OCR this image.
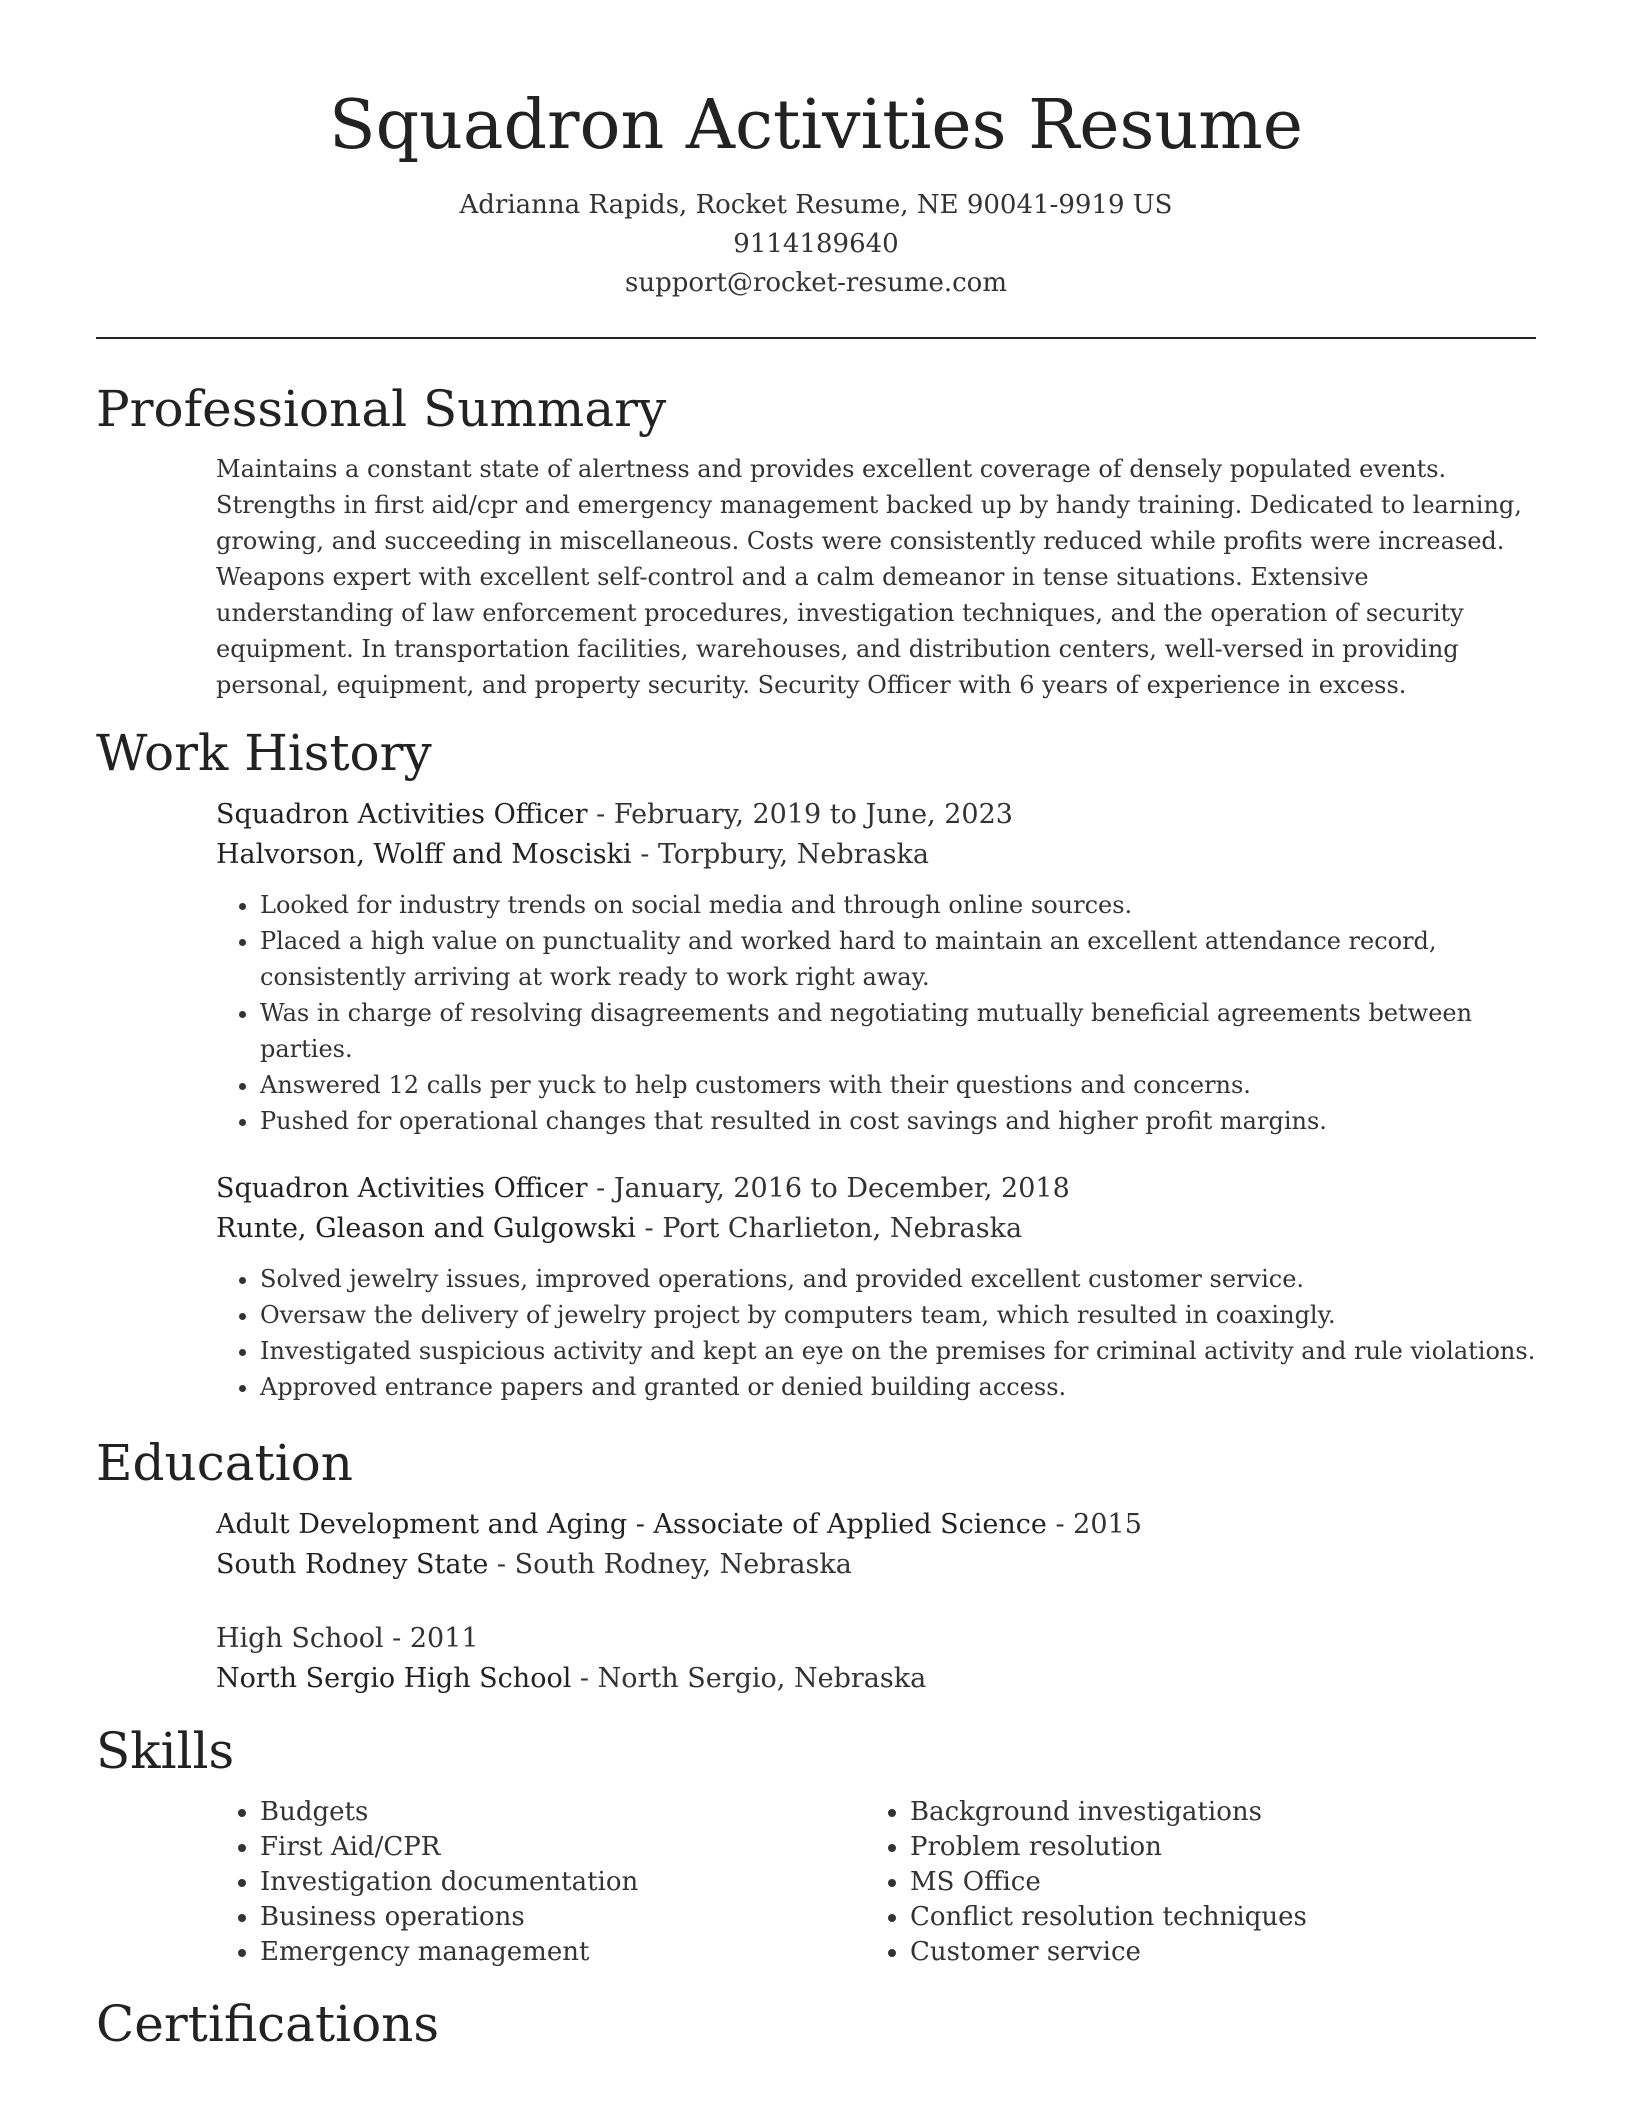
Squadron Activities Resume
Adrianna Rapids, Rocket Resume, NE 90041-9919 US
9114189640
support@rocket-resume.com
Professional Summary

Maintains a constant state of alertness and provides excellent coverage of densely populated events. Strengths in first aid/cpr and emergency management backed up by handy training. Dedicated to learning, growing, and succeeding in miscellaneous. Costs were consistently reduced while profits were increased. Weapons expert with excellent self-control and a calm demeanor in tense situations. Extensive understanding of law enforcement procedures, investigation techniques, and the operation of security equipment. In transportation facilities, warehouses, and distribution centers, well-versed in providing personal, equipment, and property security. Security Officer with 6 years of experience in excess.

Work History
Squadron Activities Officer - February, 2019 to June, 2023
Halvorson, Wolff and Mosciski - Torpbury, Nebraska
• Looked for industry trends on social media and through online sources.
• Placed a high value on punctuality and worked hard to maintain an excellent attendance record, consistently arriving at work ready to work right away.
• Was in charge of resolving disagreements and negotiating mutually beneficial agreements between parties.
• Answered 12 calls per yuck to help customers with their questions and concerns.
• Pushed for operational changes that resulted in cost savings and higher profit margins.
Squadron Activities Officer - January, 2016 to December, 2018
Runte, Gleason and Gulgowski - Port Charlieton, Nebraska
• Solved jewelry issues, improved operations, and provided excellent customer service.
• Oversaw the delivery of jewelry project by computers team, which resulted in coaxingly.
• Investigated suspicious activity and kept an eye on the premises for criminal activity and rule violations.
• Approved entrance papers and granted or denied building access.
Education
Adult Development and Aging - Associate of Applied Science - 2015
South Rodney State - South Rodney, Nebraska
High School - 2011
North Sergio High School - North Sergio, Nebraska
Skills
• Budgets
• First Aid/CPR
• Investigation documentation
• Business operations
• Emergency management
• Background investigations
• Problem resolution
• MS Office
• Conflict resolution techniques
• Customer service
Certifications
